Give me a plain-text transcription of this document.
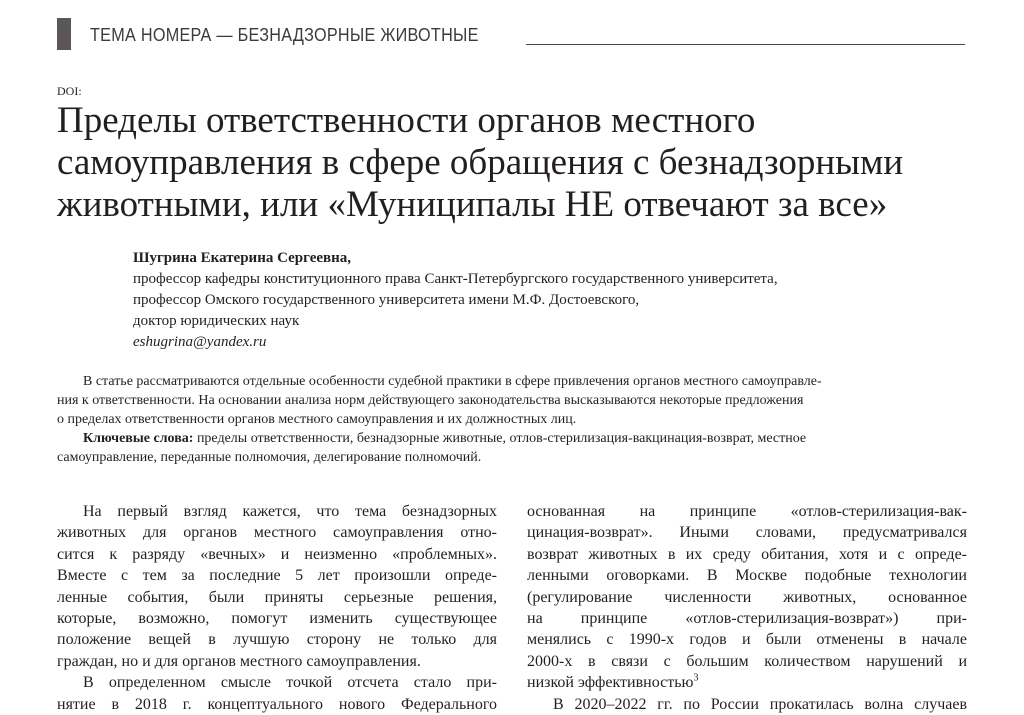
ТЕМА НОМЕРА — БЕЗНАДЗОРНЫЕ ЖИВОТНЫЕ
DOI:
Пределы ответственности органов местного
самоуправления в сфере обращения с безнадзорными
животными, или «Муниципалы НЕ отвечают за все»
Шугрина Екатерина Сергеевна,
профессор кафедры конституционного права Санкт-Петербургского государственного университета,
профессор Омского государственного университета имени М.Ф. Достоевского,
доктор юридических наук
eshugrina@yandex.ru
В статье рассматриваются отдельные особенности судебной практики в сфере привлечения органов местного самоуправле-
ния к ответственности. На основании анализа норм действующего законодательства высказываются некоторые предложения
о пределах ответственности органов местного самоуправления и их должностных лиц.
Ключевые слова: пределы ответственности, безнадзорные животные, отлов-стерилизация-вакцинация-возврат, местное
самоуправление, переданные полномочия, делегирование полномочий.
На первый взгляд кажется, что тема безнадзорных
животных для органов местного самоуправления отно-
сится к разряду «вечных» и неизменно «проблемных».
Вместе с тем за последние 5 лет произошли опреде-
ленные события, были приняты серьезные решения,
которые, возможно, помогут изменить существующее
положение вещей в лучшую сторону не только для
граждан, но и для органов местного самоуправления.
В определенном смысле точкой отсчета стало при-
нятие в 2018 г. концептуального нового Федерального
основанная на принципе «отлов-стерилизация-вак-
цинация-возврат». Иными словами, предусматривался
возврат животных в их среду обитания, хотя и с опреде-
ленными оговорками. В Москве подобные технологии
(регулирование численности животных, основанное
на принципе «отлов-стерилизация-возврат») при-
менялись с 1990-х годов и были отменены в начале
2000-х в связи с большим количеством нарушений и
низкой эффективностью$^3$
В 2020–2022 гг. по России прокатилась волна случаев
